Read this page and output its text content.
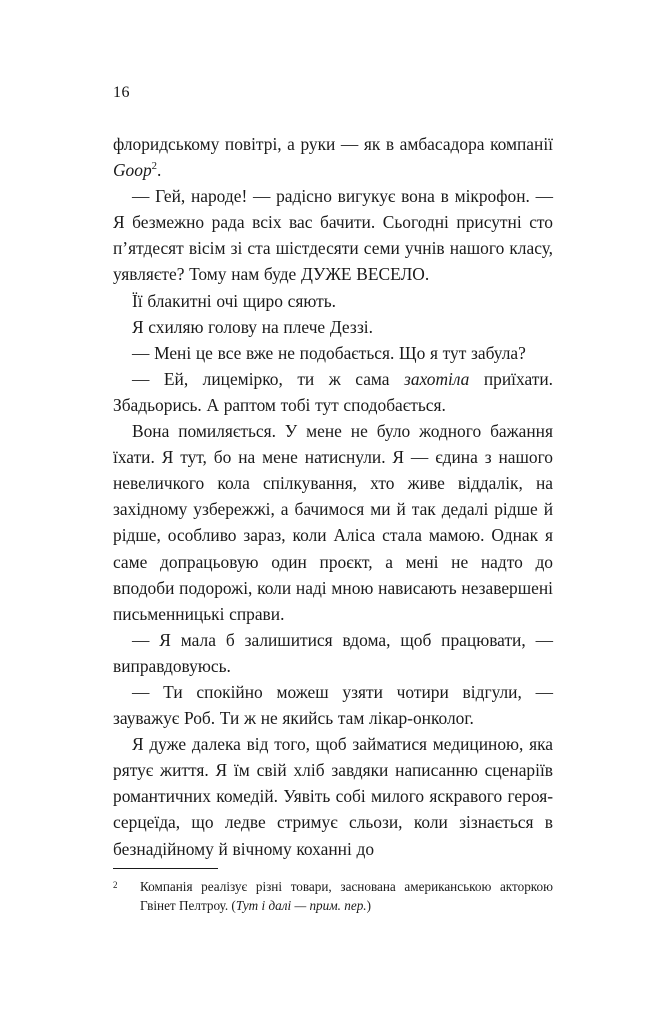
16

флоридському повітрі, а руки — як в амбасадора компанії Goop$^2$.

— Гей, народе! — радісно вигукує вона в мікрофон. — Я безмежно рада всіх вас бачити. Сьогодні присутні сто п’ятдесят вісім зі ста шістдесяти семи учнів нашого класу, уявляєте? Тому нам буде ДУЖЕ ВЕСЕЛО.

Її блакитні очі щиро сяють.

Я схиляю голову на плече Деззі.

— Мені це все вже не подобається. Що я тут забула?

— Ей, лицемірко, ти ж сама захотіла приїхати. Збадьорись. А раптом тобі тут сподобається.

Вона помиляється. У мене не було жодного бажання їхати. Я тут, бо на мене натиснули. Я — єдина з нашого невеличкого кола спілкування, хто живе віддалік, на західному узбережжі, а бачимося ми й так дедалі рідше й рідше, особливо зараз, коли Аліса стала мамою. Однак я саме допрацьовую один проєкт, а мені не надто до вподоби подорожі, коли наді мною нависають незавершені письменницькі справи.

— Я мала б залишитися вдома, щоб працювати, — виправдовуюсь.

— Ти спокійно можеш узяти чотири відгули, — зауважує Роб. Ти ж не якийсь там лікар-онколог.

Я дуже далека від того, щоб займатися медициною, яка рятує життя. Я їм свій хліб завдяки написанню сценаріїв романтичних комедій. Уявіть собі милого яскравого героя-серцеїда, що ледве стримує сльози, коли зізнається в безнадійному й вічному коханні до

2 Компанія реалізує різні товари, заснована американською акторкою Гвінет Пелтроу. (Тут і далі — прим. пер.)
